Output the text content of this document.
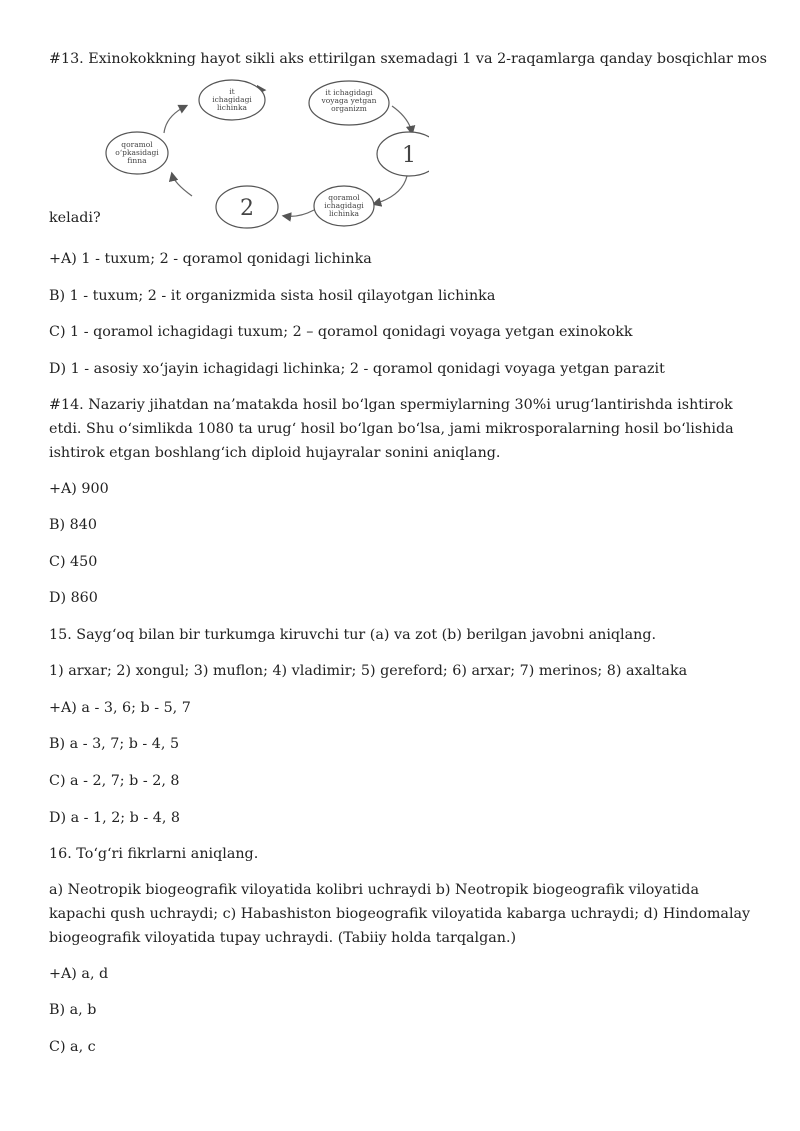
#13. Exinokokkning hayot sikli aks ettirilgan sxemadagi 1 va 2-raqamlarga qanday bosqichlar mos
it
ichagidagi
lichinka
it ichagidagi
voyaga yetgan
organizm
1
qoramol
ichagidagi
lichinka
2
qoramol
o‘pkasidagi
finna
keladi?
+A) 1 - tuxum; 2 - qoramol qonidagi lichinka
B) 1 - tuxum; 2 - it organizmida sista hosil qilayotgan lichinka
C) 1 - qoramol ichagidagi tuxum; 2 – qoramol qonidagi voyaga yetgan exinokokk
D) 1 - asosiy xo‘jayin ichagidagi lichinka; 2 - qoramol qonidagi voyaga yetgan parazit
#14. Nazariy jihatdan na’matakda hosil bo‘lgan spermiylarning 30%i urug‘lantirishda ishtirok etdi. Shu o‘simlikda 1080 ta urug‘ hosil bo‘lgan bo‘lsa, jami mikrosporalarning hosil bo‘lishida ishtirok etgan boshlang‘ich diploid hujayralar sonini aniqlang.
+A) 900
B) 840
C) 450
D) 860
15. Sayg‘oq bilan bir turkumga kiruvchi tur (a) va zot (b) berilgan javobni aniqlang.
1) arxar; 2) xongul; 3) muflon; 4) vladimir; 5) gereford; 6) arxar; 7) merinos; 8) axaltaka
+A) a - 3, 6; b - 5, 7
B) a - 3, 7; b - 4, 5
C) a - 2, 7; b - 2, 8
D) a - 1, 2; b - 4, 8
16. To‘g‘ri fikrlarni aniqlang.
a) Neotropik biogeografik viloyatida kolibri uchraydi b) Neotropik biogeografik viloyatida kapachi qush uchraydi; c) Habashiston biogeografik viloyatida kabarga uchraydi; d) Hindomalay biogeografik viloyatida tupay uchraydi. (Tabiiy holda tarqalgan.)
+A) a, d
B) a, b
C) a, c
